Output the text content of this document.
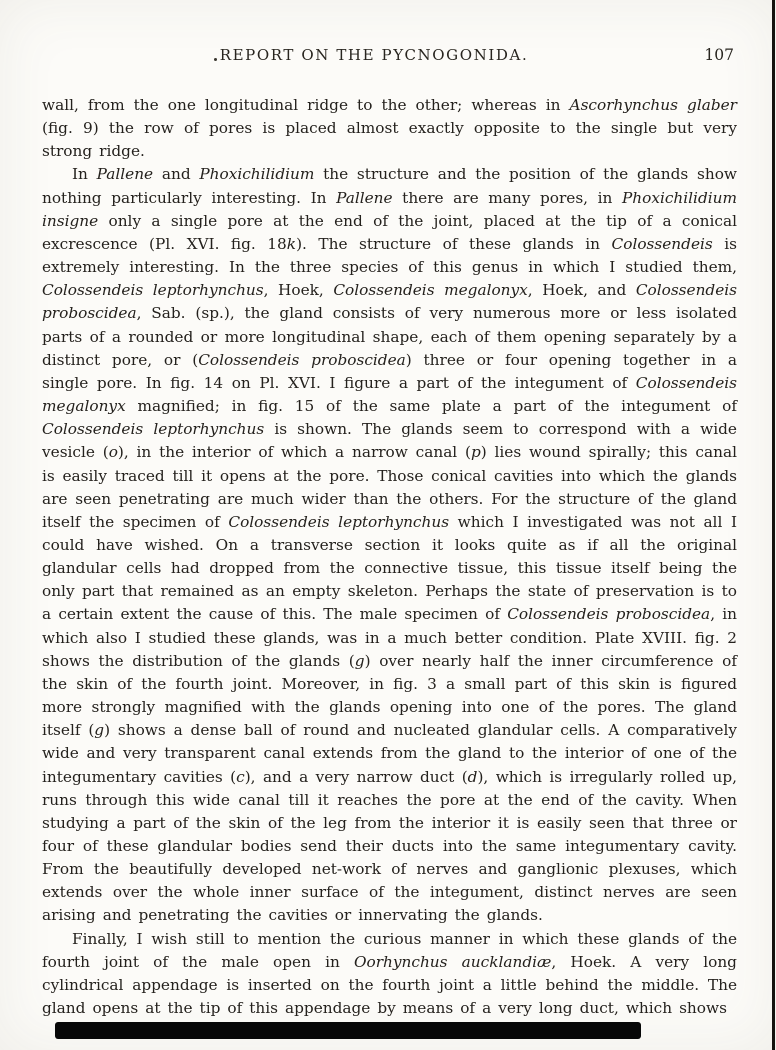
REPORT ON THE PYCNOGONIDA.	107

wall, from the one longitudinal ridge to the other; whereas in Ascorhynchus glaber (fig. 9) the row of pores is placed almost exactly opposite to the single but very strong ridge.

In Pallene and Phoxichilidium the structure and the position of the glands show nothing particularly interesting. In Pallene there are many pores, in Phoxichilidium insigne only a single pore at the end of the joint, placed at the tip of a conical excrescence (Pl. XVI. fig. 18k). The structure of these glands in Colossendeis is extremely interesting. In the three species of this genus in which I studied them, Colossendeis leptorhynchus, Hoek, Colossendeis megalonyx, Hoek, and Colossendeis proboscidea, Sab. (sp.), the gland consists of very numerous more or less isolated parts of a rounded or more longitudinal shape, each of them opening separately by a distinct pore, or (Colossendeis proboscidea) three or four opening together in a single pore. In fig. 14 on Pl. XVI. I figure a part of the integument of Colossendeis megalonyx magnified; in fig. 15 of the same plate a part of the integument of Colossendeis leptorhynchus is shown. The glands seem to correspond with a wide vesicle (o), in the interior of which a narrow canal (p) lies wound spirally; this canal is easily traced till it opens at the pore. Those conical cavities into which the glands are seen penetrating are much wider than the others. For the structure of the gland itself the specimen of Colossendeis leptorhynchus which I investigated was not all I could have wished. On a transverse section it looks quite as if all the original glandular cells had dropped from the connective tissue, this tissue itself being the only part that remained as an empty skeleton. Perhaps the state of preservation is to a certain extent the cause of this. The male specimen of Colossendeis proboscidea, in which also I studied these glands, was in a much better condition. Plate XVIII. fig. 2 shows the distribution of the glands (g) over nearly half the inner circumference of the skin of the fourth joint. Moreover, in fig. 3 a small part of this skin is figured more strongly magnified with the glands opening into one of the pores. The gland itself (g) shows a dense ball of round and nucleated glandular cells. A comparatively wide and very transparent canal extends from the gland to the interior of one of the integumentary cavities (c), and a very narrow duct (d), which is irregularly rolled up, runs through this wide canal till it reaches the pore at the end of the cavity. When studying a part of the skin of the leg from the interior it is easily seen that three or four of these glandular bodies send their ducts into the same integumentary cavity. From the beautifully developed net-work of nerves and ganglionic plexuses, which extends over the whole inner surface of the integument, distinct nerves are seen arising and penetrating the cavities or innervating the glands.

Finally, I wish still to mention the curious manner in which these glands of the fourth joint of the male open in Oorhynchus aucklandiæ, Hoek. A very long cylindrical appendage is inserted on the fourth joint a little behind the middle. The gland opens at the tip of this appendage by means of a very long duct, which shows
